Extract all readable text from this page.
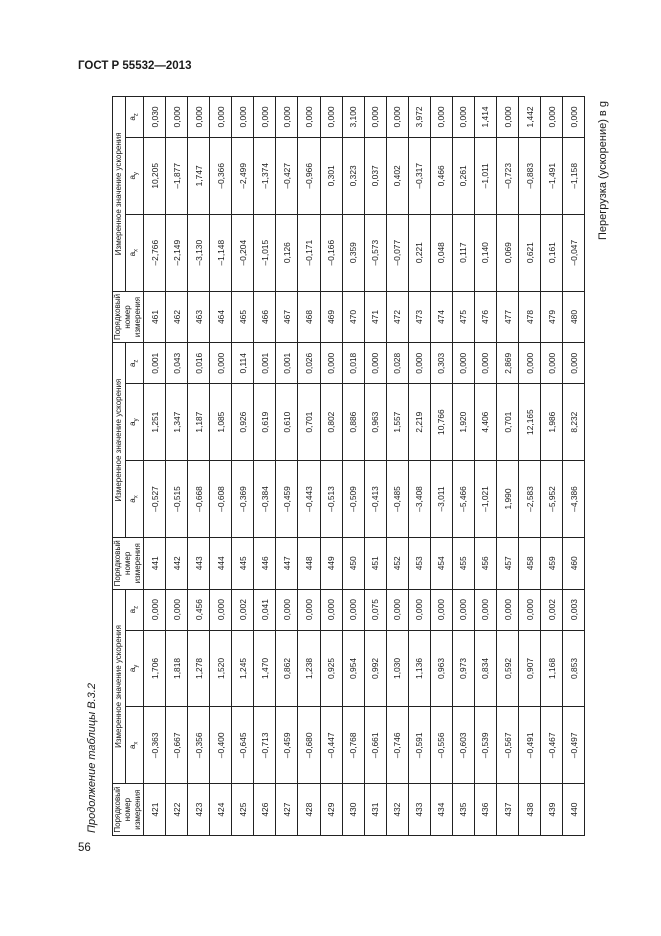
ГОСТ Р 55532—2013
56
Продолжение таблицы В.3.2
Перегрузка (ускорение) в g
Порядковый номер измерения	Измеренное значение ускорения			Порядковый номер измерения	Измеренное значение ускорения			Порядковый номер измерения	Измеренное значение ускорения		
	$a_x$	$a_y$	$a_z$		$a_x$	$a_y$	$a_z$		$a_x$	$a_y$	$a_z$
421	–0,363	1,706	0,000	441	–0,527	1,251	0,001	461	–2,766	10,205	0,030
422	–0,667	1,818	0,000	442	–0,515	1,347	0,043	462	–2,149	–1,877	0,000
423	–0,356	1,278	0,456	443	–0,668	1,187	0,016	463	–3,130	1,747	0,000
424	–0,400	1,520	0,000	444	–0,608	1,085	0,000	464	–1,148	–0,366	0,000
425	–0,645	1,245	0,002	445	–0,369	0,926	0,114	465	–0,204	–2,499	0,000
426	–0,713	1,470	0,041	446	–0,384	0,619	0,001	466	–1,015	–1,374	0,000
427	–0,459	0,862	0,000	447	–0,459	0,610	0,001	467	0,126	–0,427	0,000
428	–0,680	1,238	0,000	448	–0,443	0,701	0,026	468	–0,171	–0,966	0,000
429	–0,447	0,925	0,000	449	–0,513	0,802	0,000	469	–0,166	0,301	0,000
430	–0,768	0,954	0,000	450	–0,509	0,886	0,018	470	0,359	0,323	3,100
431	–0,661	0,992	0,075	451	–0,413	0,963	0,000	471	–0,573	0,037	0,000
432	–0,746	1,030	0,000	452	–0,485	1,557	0,028	472	–0,077	0,402	0,000
433	–0,591	1,136	0,000	453	–3,408	2,219	0,000	473	0,221	–0,317	3,972
434	–0,556	0,963	0,000	454	–3,011	10,766	0,303	474	0,048	0,466	0,000
435	–0,603	0,973	0,000	455	–5,466	1,920	0,000	475	0,117	0,261	0,000
436	–0,539	0,834	0,000	456	–1,021	4,406	0,000	476	0,140	–1,011	1,414
437	–0,567	0,592	0,000	457	1,990	0,701	2,869	477	0,069	–0,723	0,000
438	–0,491	0,907	0,000	458	–2,583	12,165	0,000	478	0,621	–0,883	1,442
439	–0,467	1,168	0,002	459	–5,952	1,986	0,000	479	0,161	–1,491	0,000
440	–0,497	0,853	0,003	460	–4,386	8,232	0,000	480	–0,047	–1,158	0,000
